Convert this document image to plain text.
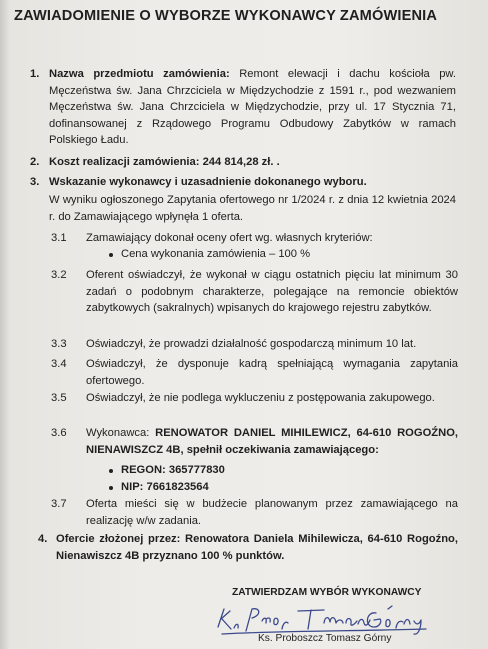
ZAWIADOMIENIE O WYBORZE WYKONAWCY ZAMÓWIENIA
1. Nazwa przedmiotu zamówienia: Remont elewacji i dachu kościoła pw. Męczeństwa św. Jana Chrzciciela w Międzychodzie z 1591 r., pod wezwaniem Męczeństwa św. Jana Chrzciciela w Międzychodzie, przy ul. 17 Stycznia 71, dofinansowanej z Rządowego Programu Odbudowy Zabytków w ramach Polskiego Ładu.
2. Koszt realizacji zamówienia: 244 814,28 zł. .
3. Wskazanie wykonawcy i uzasadnienie dokonanego wyboru.
W wyniku ogłoszonego Zapytania ofertowego nr 1/2024 r. z dnia 12 kwietnia 2024 r. do Zamawiającego wpłynęła 1 oferta.
3.1 Zamawiający dokonał oceny ofert wg. własnych kryteriów:
Cena wykonania zamówienia – 100 %
3.2 Oferent oświadczył, że wykonał w ciągu ostatnich pięciu lat minimum 30 zadań o podobnym charakterze, polegające na remoncie obiektów zabytkowych (sakralnych) wpisanych do krajowego rejestru zabytków.
3.3 Oświadczył, że prowadzi działalność gospodarczą minimum 10 lat.
3.4 Oświadczył, że dysponuje kadrą spełniającą wymagania zapytania ofertowego.
3.5 Oświadczył, że nie podlega wykluczeniu z postępowania zakupowego.
3.6 Wykonawca: RENOWATOR DANIEL MIHILEWICZ, 64-610 ROGOŹNO, NIENAWISZCZ 4B, spełnił oczekiwania zamawiającego:
REGON: 365777830
NIP: 7661823564
3.7 Oferta mieści się w budżecie planowanym przez zamawiającego na realizację w/w zadania.
4. Ofercie złożonej przez: Renowatora Daniela Mihilewicza, 64-610 Rogoźno, Nienawiszcz 4B przyznano 100 % punktów.
ZATWIERDZAM WYBÓR WYKONAWCY
Ks. Proboszcz Tomasz Górny
